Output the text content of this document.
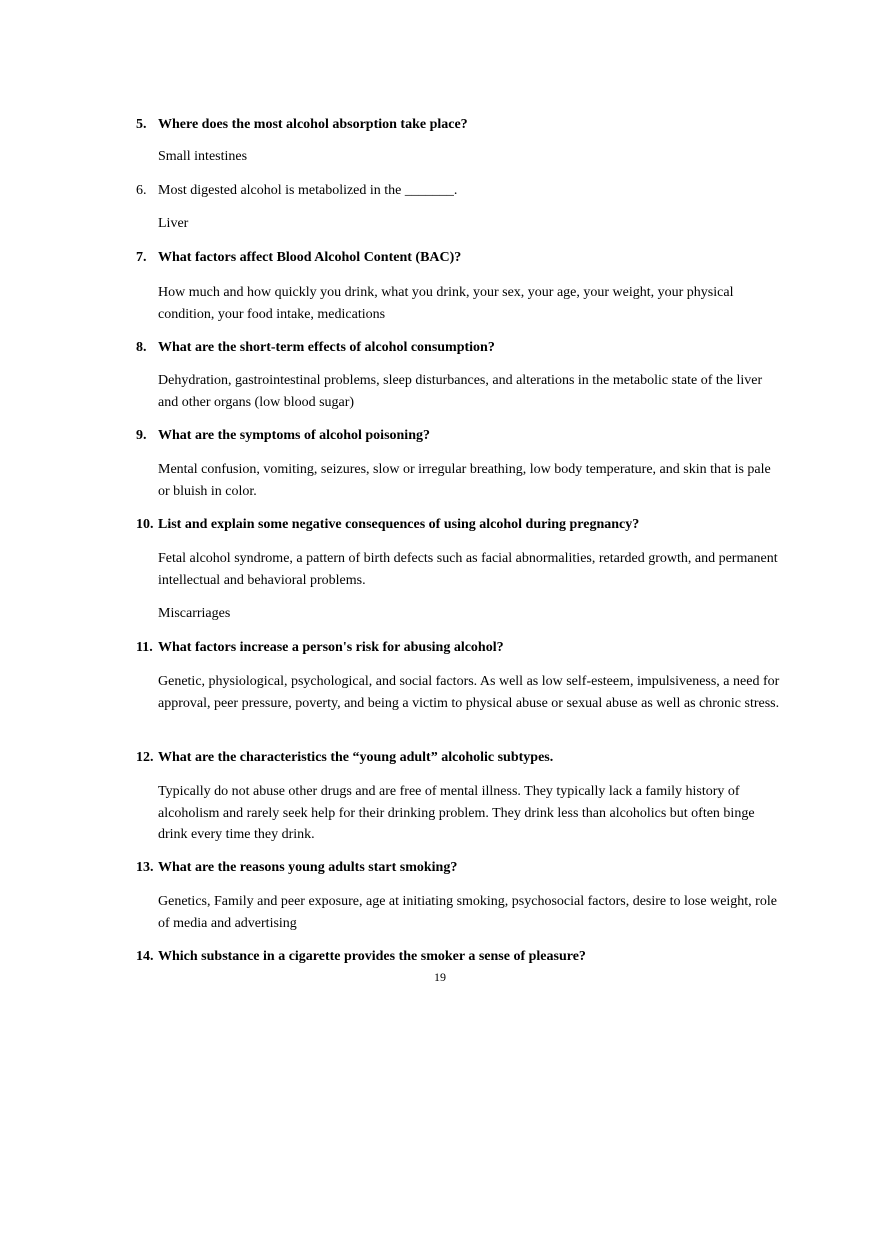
5. Where does the most alcohol absorption take place?
Small intestines
6. Most digested alcohol is metabolized in the _______.
Liver
7. What factors affect Blood Alcohol Content (BAC)?
How much and how quickly you drink, what you drink, your sex, your age, your weight, your physical condition, your food intake, medications
8. What are the short-term effects of alcohol consumption?
Dehydration, gastrointestinal problems, sleep disturbances, and alterations in the metabolic state of the liver and other organs (low blood sugar)
9. What are the symptoms of alcohol poisoning?
Mental confusion, vomiting, seizures, slow or irregular breathing, low body temperature, and skin that is pale or bluish in color.
10. List and explain some negative consequences of using alcohol during pregnancy?
Fetal alcohol syndrome, a pattern of birth defects such as facial abnormalities, retarded growth, and permanent intellectual and behavioral problems.
Miscarriages
11. What factors increase a person's risk for abusing alcohol?
Genetic, physiological, psychological, and social factors. As well as low self-esteem, impulsiveness, a need for approval, peer pressure, poverty, and being a victim to physical abuse or sexual abuse as well as chronic stress.
12. What are the characteristics the “young adult” alcoholic subtypes.
Typically do not abuse other drugs and are free of mental illness. They typically lack a family history of alcoholism and rarely seek help for their drinking problem. They drink less than alcoholics but often binge drink every time they drink.
13. What are the reasons young adults start smoking?
Genetics, Family and peer exposure, age at initiating smoking, psychosocial factors, desire to lose weight, role of media and advertising
14. Which substance in a cigarette provides the smoker a sense of pleasure?
19
